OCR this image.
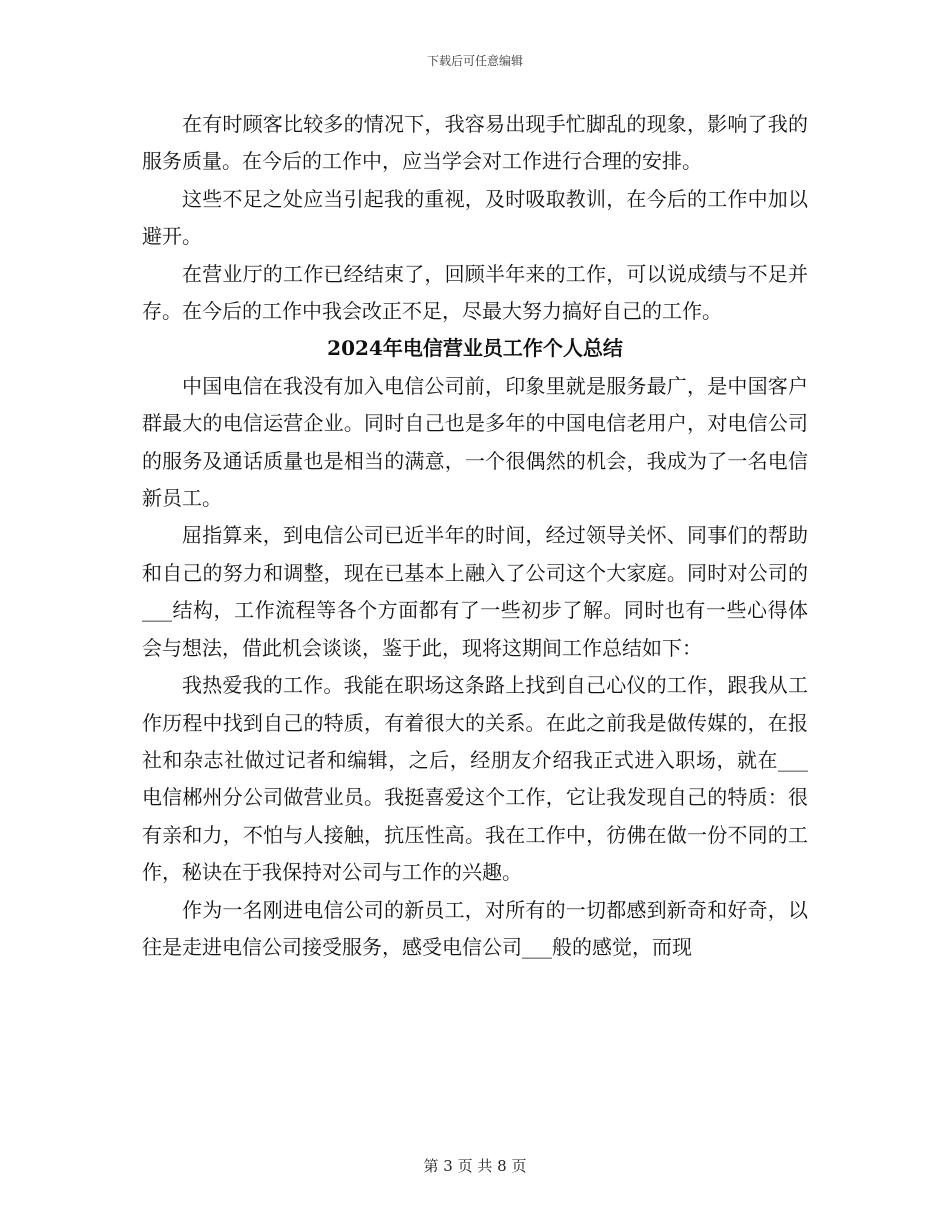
下载后可任意编辑

在有时顾客比较多的情况下，我容易出现手忙脚乱的现象，影响了我的服务质量。在今后的工作中，应当学会对工作进行合理的安排。

这些不足之处应当引起我的重视，及时吸取教训，在今后的工作中加以避开。

在营业厅的工作已经结束了，回顾半年来的工作，可以说成绩与不足并存。在今后的工作中我会改正不足，尽最大努力搞好自己的工作。

2024年电信营业员工作个人总结

中国电信在我没有加入电信公司前，印象里就是服务最广，是中国客户群最大的电信运营企业。同时自己也是多年的中国电信老用户，对电信公司的服务及通话质量也是相当的满意，一个很偶然的机会，我成为了一名电信新员工。

屈指算来，到电信公司已近半年的时间，经过领导关怀、同事们的帮助和自己的努力和调整，现在已基本上融入了公司这个大家庭。同时对公司的___结构，工作流程等各个方面都有了一些初步了解。同时也有一些心得体会与想法，借此机会谈谈，鉴于此，现将这期间工作总结如下：

我热爱我的工作。我能在职场这条路上找到自己心仪的工作，跟我从工作历程中找到自己的特质，有着很大的关系。在此之前我是做传媒的，在报社和杂志社做过记者和编辑，之后，经朋友介绍我正式进入职场，就在___电信郴州分公司做营业员。我挺喜爱这个工作，它让我发现自己的特质：很有亲和力，不怕与人接触，抗压性高。我在工作中，彷佛在做一份不同的工作，秘诀在于我保持对公司与工作的兴趣。

作为一名刚进电信公司的新员工，对所有的一切都感到新奇和好奇，以往是走进电信公司接受服务，感受电信公司___般的感觉，而现

第 3 页 共 8 页
